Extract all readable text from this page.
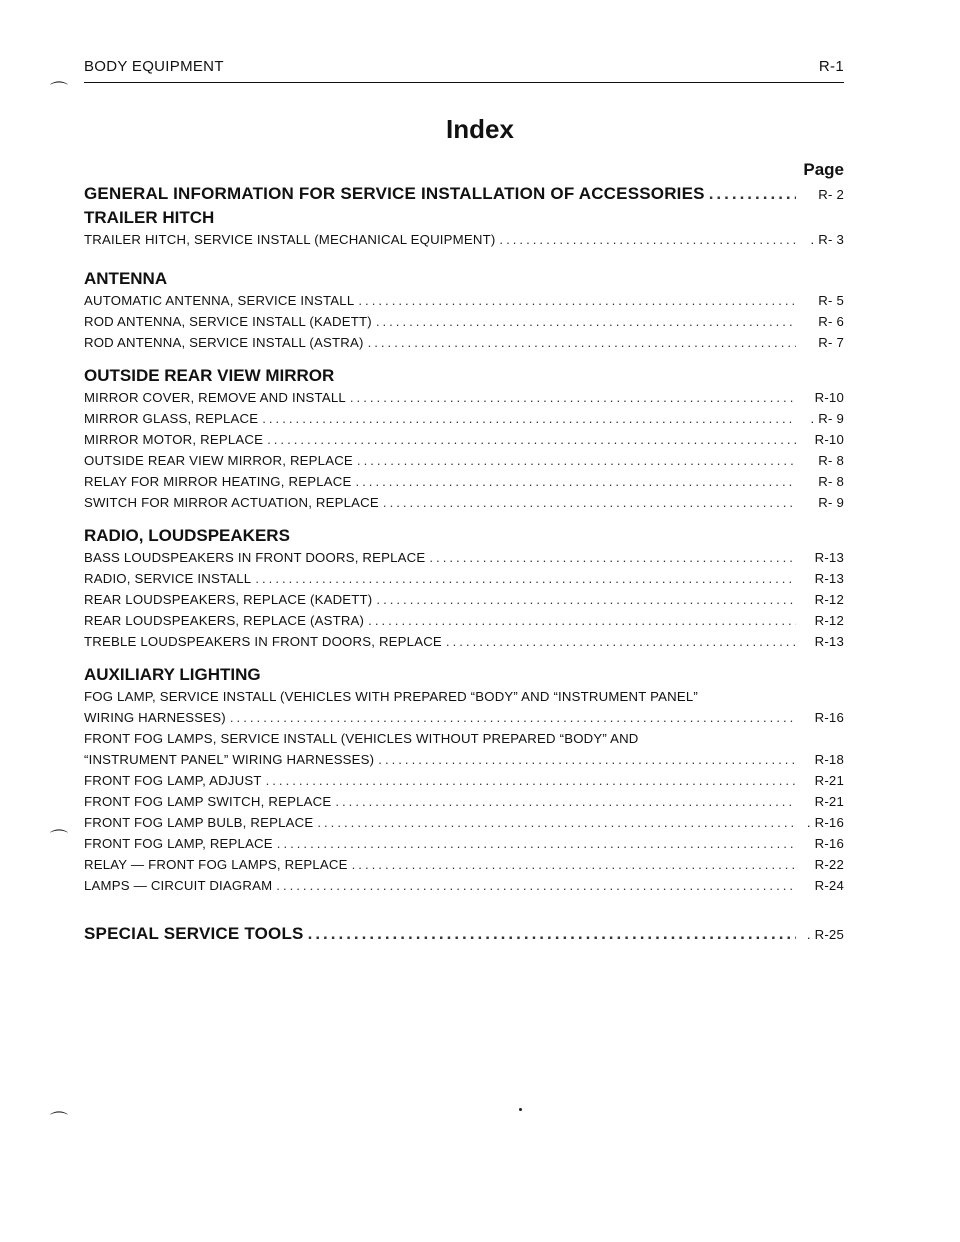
BODY EQUIPMENT	R-1
⌒
⌒
⌒
Index
Page
GENERAL INFORMATION FOR SERVICE INSTALLATION OF ACCESSORIES .....	R- 2
TRAILER HITCH
TRAILER HITCH, SERVICE INSTALL (MECHANICAL EQUIPMENT) .....	. R- 3
ANTENNA
AUTOMATIC ANTENNA, SERVICE INSTALL .....	R- 5
ROD ANTENNA, SERVICE INSTALL (KADETT) .....	R- 6
ROD ANTENNA, SERVICE INSTALL (ASTRA) .....	R- 7
OUTSIDE REAR VIEW MIRROR
MIRROR COVER, REMOVE AND INSTALL .....	R-10
MIRROR GLASS, REPLACE .....	. R- 9
MIRROR MOTOR, REPLACE .....	R-10
OUTSIDE REAR VIEW MIRROR, REPLACE .....	R- 8
RELAY FOR MIRROR HEATING, REPLACE .....	R- 8
SWITCH FOR MIRROR ACTUATION, REPLACE .....	R- 9
RADIO, LOUDSPEAKERS
BASS LOUDSPEAKERS IN FRONT DOORS, REPLACE .....	R-13
RADIO, SERVICE INSTALL .....	R-13
REAR LOUDSPEAKERS, REPLACE (KADETT) .....	R-12
REAR LOUDSPEAKERS, REPLACE (ASTRA) .....	R-12
TREBLE LOUDSPEAKERS IN FRONT DOORS, REPLACE .....	R-13
AUXILIARY LIGHTING
FOG LAMP, SERVICE INSTALL (VEHICLES WITH PREPARED “BODY” AND “INSTRUMENT PANEL”
WIRING HARNESSES) .....	R-16
FRONT FOG LAMPS, SERVICE INSTALL (VEHICLES WITHOUT PREPARED “BODY” AND
“INSTRUMENT PANEL” WIRING HARNESSES) .....	R-18
FRONT FOG LAMP, ADJUST .....	R-21
FRONT FOG LAMP SWITCH, REPLACE .....	R-21
FRONT FOG LAMP BULB, REPLACE .....	. R-16
FRONT FOG LAMP, REPLACE .....	R-16
RELAY — FRONT FOG LAMPS, REPLACE .....	R-22
LAMPS — CIRCUIT DIAGRAM .....	R-24
SPECIAL SERVICE TOOLS .....	. R-25
